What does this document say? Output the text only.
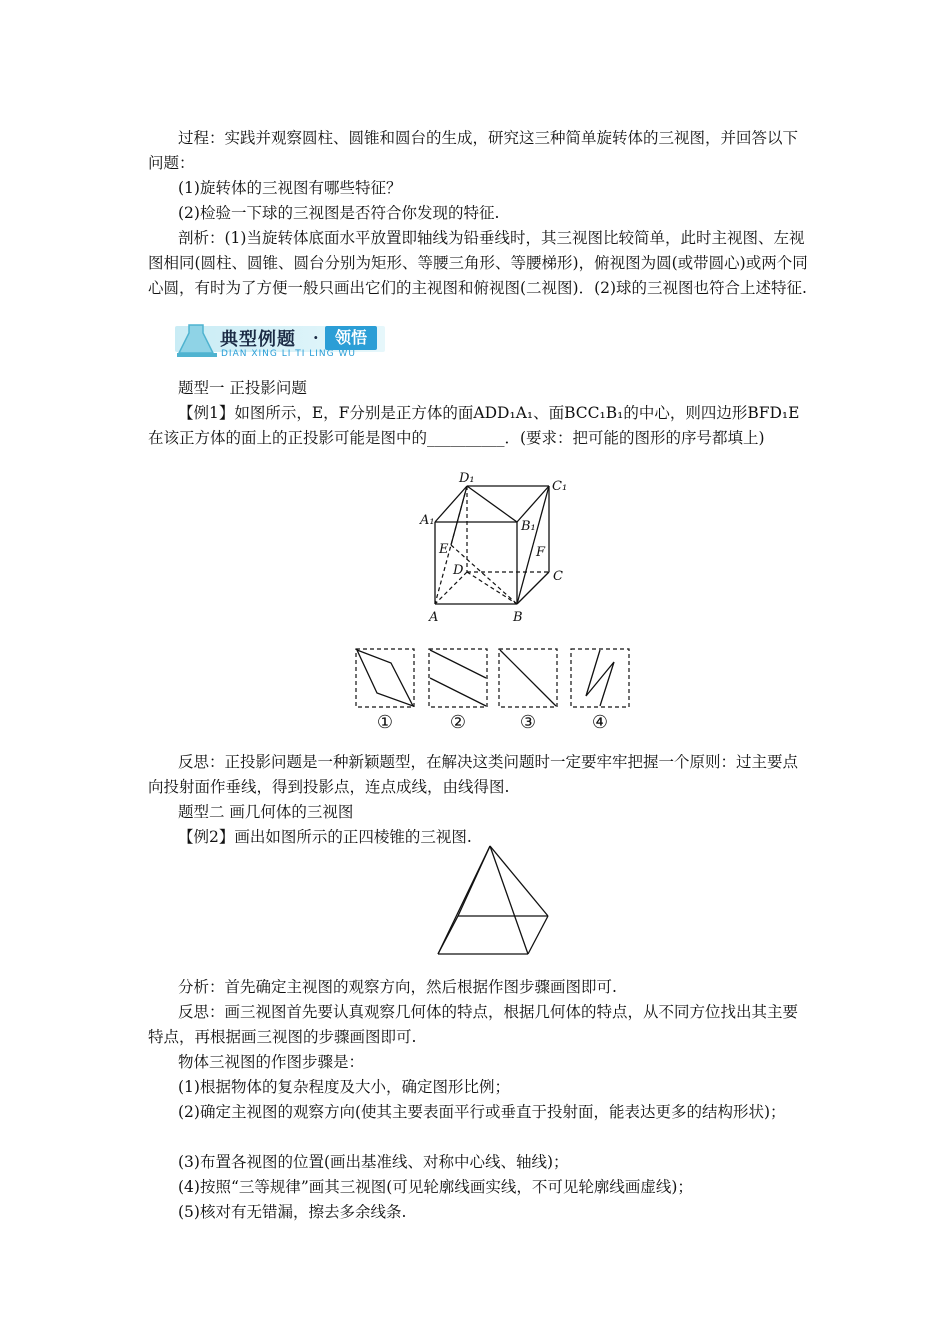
过程：实践并观察圆柱、圆锥和圆台的生成，研究这三种简单旋转体的三视图，并回答以下问题：

(1)旋转体的三视图有哪些特征？
(2)检验一下球的三视图是否符合你发现的特征.

剖析：(1)当旋转体底面水平放置即轴线为铅垂线时，其三视图比较简单，此时主视图、左视图相同(圆柱、圆锥、圆台分别为矩形、等腰三角形、等腰梯形)，俯视图为圆(或带圆心)或两个同心圆，有时为了方便一般只画出它们的主视图和俯视图(二视图)．(2)球的三视图也符合上述特征.

典型例题 ·	领悟
DIAN XING LI TI LING WU
题型一 正投影问题

【例1】如图所示，E，F分别是正方体的面ADD₁A₁、面BCC₁B₁的中心，则四边形BFD₁E在该正方体的面上的正投影可能是图中的__________．(要求：把可能的图形的序号都填上)

D₁
C₁
A₁	B₁
E	F
D	C
A	B
①	②	③	④

反思：正投影问题是一种新颖题型，在解决这类问题时一定要牢牢把握一个原则：过主要点向投射面作垂线，得到投影点，连点成线，由线得图.

题型二 画几何体的三视图
【例2】画出如图所示的正四棱锥的三视图.
分析：首先确定主视图的观察方向，然后根据作图步骤画图即可.

反思：画三视图首先要认真观察几何体的特点，根据几何体的特点，从不同方位找出其主要特点，再根据画三视图的步骤画图即可.

物体三视图的作图步骤是：
(1)根据物体的复杂程度及大小，确定图形比例；

(2)确定主视图的观察方向(使其主要表面平行或垂直于投射面，能表达更多的结构形状)；

(3)布置各视图的位置(画出基准线、对称中心线、轴线)；
(4)按照“三等规律”画其三视图(可见轮廓线画实线，不可见轮廓线画虚线)；
(5)核对有无错漏，擦去多余线条.
